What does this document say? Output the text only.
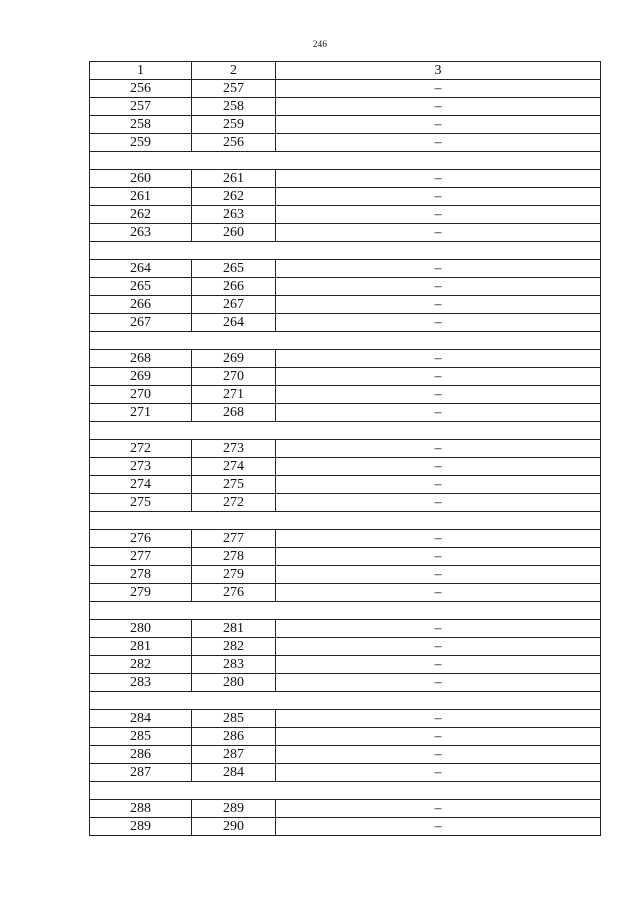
246
1	2	3
256	257	–
257	258	–
258	259	–
259	256	–

260	261	–
261	262	–
262	263	–
263	260	–

264	265	–
265	266	–
266	267	–
267	264	–

268	269	–
269	270	–
270	271	–
271	268	–

272	273	–
273	274	–
274	275	–
275	272	–

276	277	–
277	278	–
278	279	–
279	276	–

280	281	–
281	282	–
282	283	–
283	280	–

284	285	–
285	286	–
286	287	–
287	284	–

288	289	–
289	290	–
